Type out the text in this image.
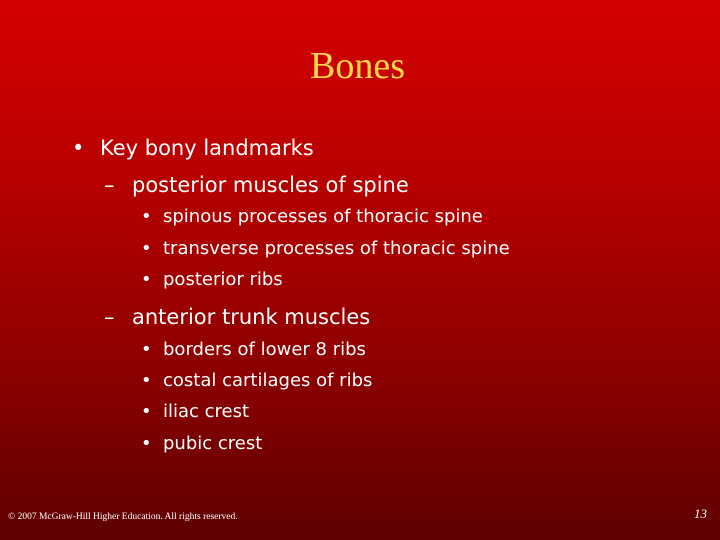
Bones
• Key bony landmarks
– posterior muscles of spine
• spinous processes of thoracic spine
• transverse processes of thoracic spine
• posterior ribs
– anterior trunk muscles
• borders of lower 8 ribs
• costal cartilages of ribs
• iliac crest
• pubic crest
© 2007 McGraw-Hill Higher Education. All rights reserved.	13
